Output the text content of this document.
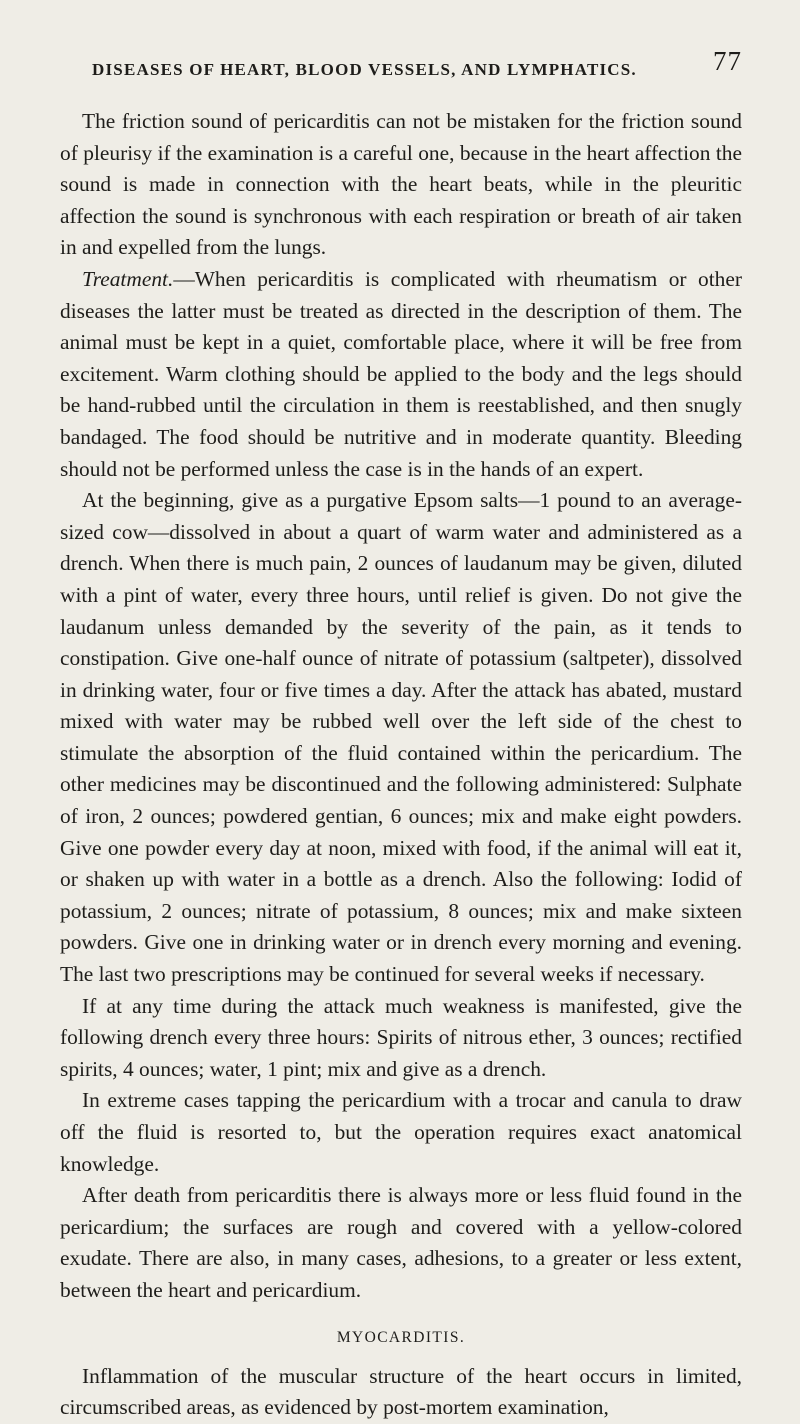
DISEASES OF HEART, BLOOD VESSELS, AND LYMPHATICS.	77

The friction sound of pericarditis can not be mistaken for the friction sound of pleurisy if the examination is a careful one, because in the heart affection the sound is made in connection with the heart beats, while in the pleuritic affection the sound is synchronous with each respiration or breath of air taken in and expelled from the lungs.

Treatment.—When pericarditis is complicated with rheumatism or other diseases the latter must be treated as directed in the description of them. The animal must be kept in a quiet, comfortable place, where it will be free from excitement. Warm clothing should be applied to the body and the legs should be hand-rubbed until the circulation in them is reestablished, and then snugly bandaged. The food should be nutritive and in moderate quantity. Bleeding should not be performed unless the case is in the hands of an expert.

At the beginning, give as a purgative Epsom salts—1 pound to an average-sized cow—dissolved in about a quart of warm water and administered as a drench. When there is much pain, 2 ounces of laudanum may be given, diluted with a pint of water, every three hours, until relief is given. Do not give the laudanum unless demanded by the severity of the pain, as it tends to constipation. Give one-half ounce of nitrate of potassium (saltpeter), dissolved in drinking water, four or five times a day. After the attack has abated, mustard mixed with water may be rubbed well over the left side of the chest to stimulate the absorption of the fluid contained within the pericardium. The other medicines may be discontinued and the following administered: Sulphate of iron, 2 ounces; powdered gentian, 6 ounces; mix and make eight powders. Give one powder every day at noon, mixed with food, if the animal will eat it, or shaken up with water in a bottle as a drench. Also the following: Iodid of potassium, 2 ounces; nitrate of potassium, 8 ounces; mix and make sixteen powders. Give one in drinking water or in drench every morning and evening. The last two prescriptions may be continued for several weeks if necessary.

If at any time during the attack much weakness is manifested, give the following drench every three hours: Spirits of nitrous ether, 3 ounces; rectified spirits, 4 ounces; water, 1 pint; mix and give as a drench.

In extreme cases tapping the pericardium with a trocar and canula to draw off the fluid is resorted to, but the operation requires exact anatomical knowledge.

After death from pericarditis there is always more or less fluid found in the pericardium; the surfaces are rough and covered with a yellow-colored exudate. There are also, in many cases, adhesions, to a greater or less extent, between the heart and pericardium.

MYOCARDITIS.

Inflammation of the muscular structure of the heart occurs in limited, circumscribed areas, as evidenced by post-mortem examination,
